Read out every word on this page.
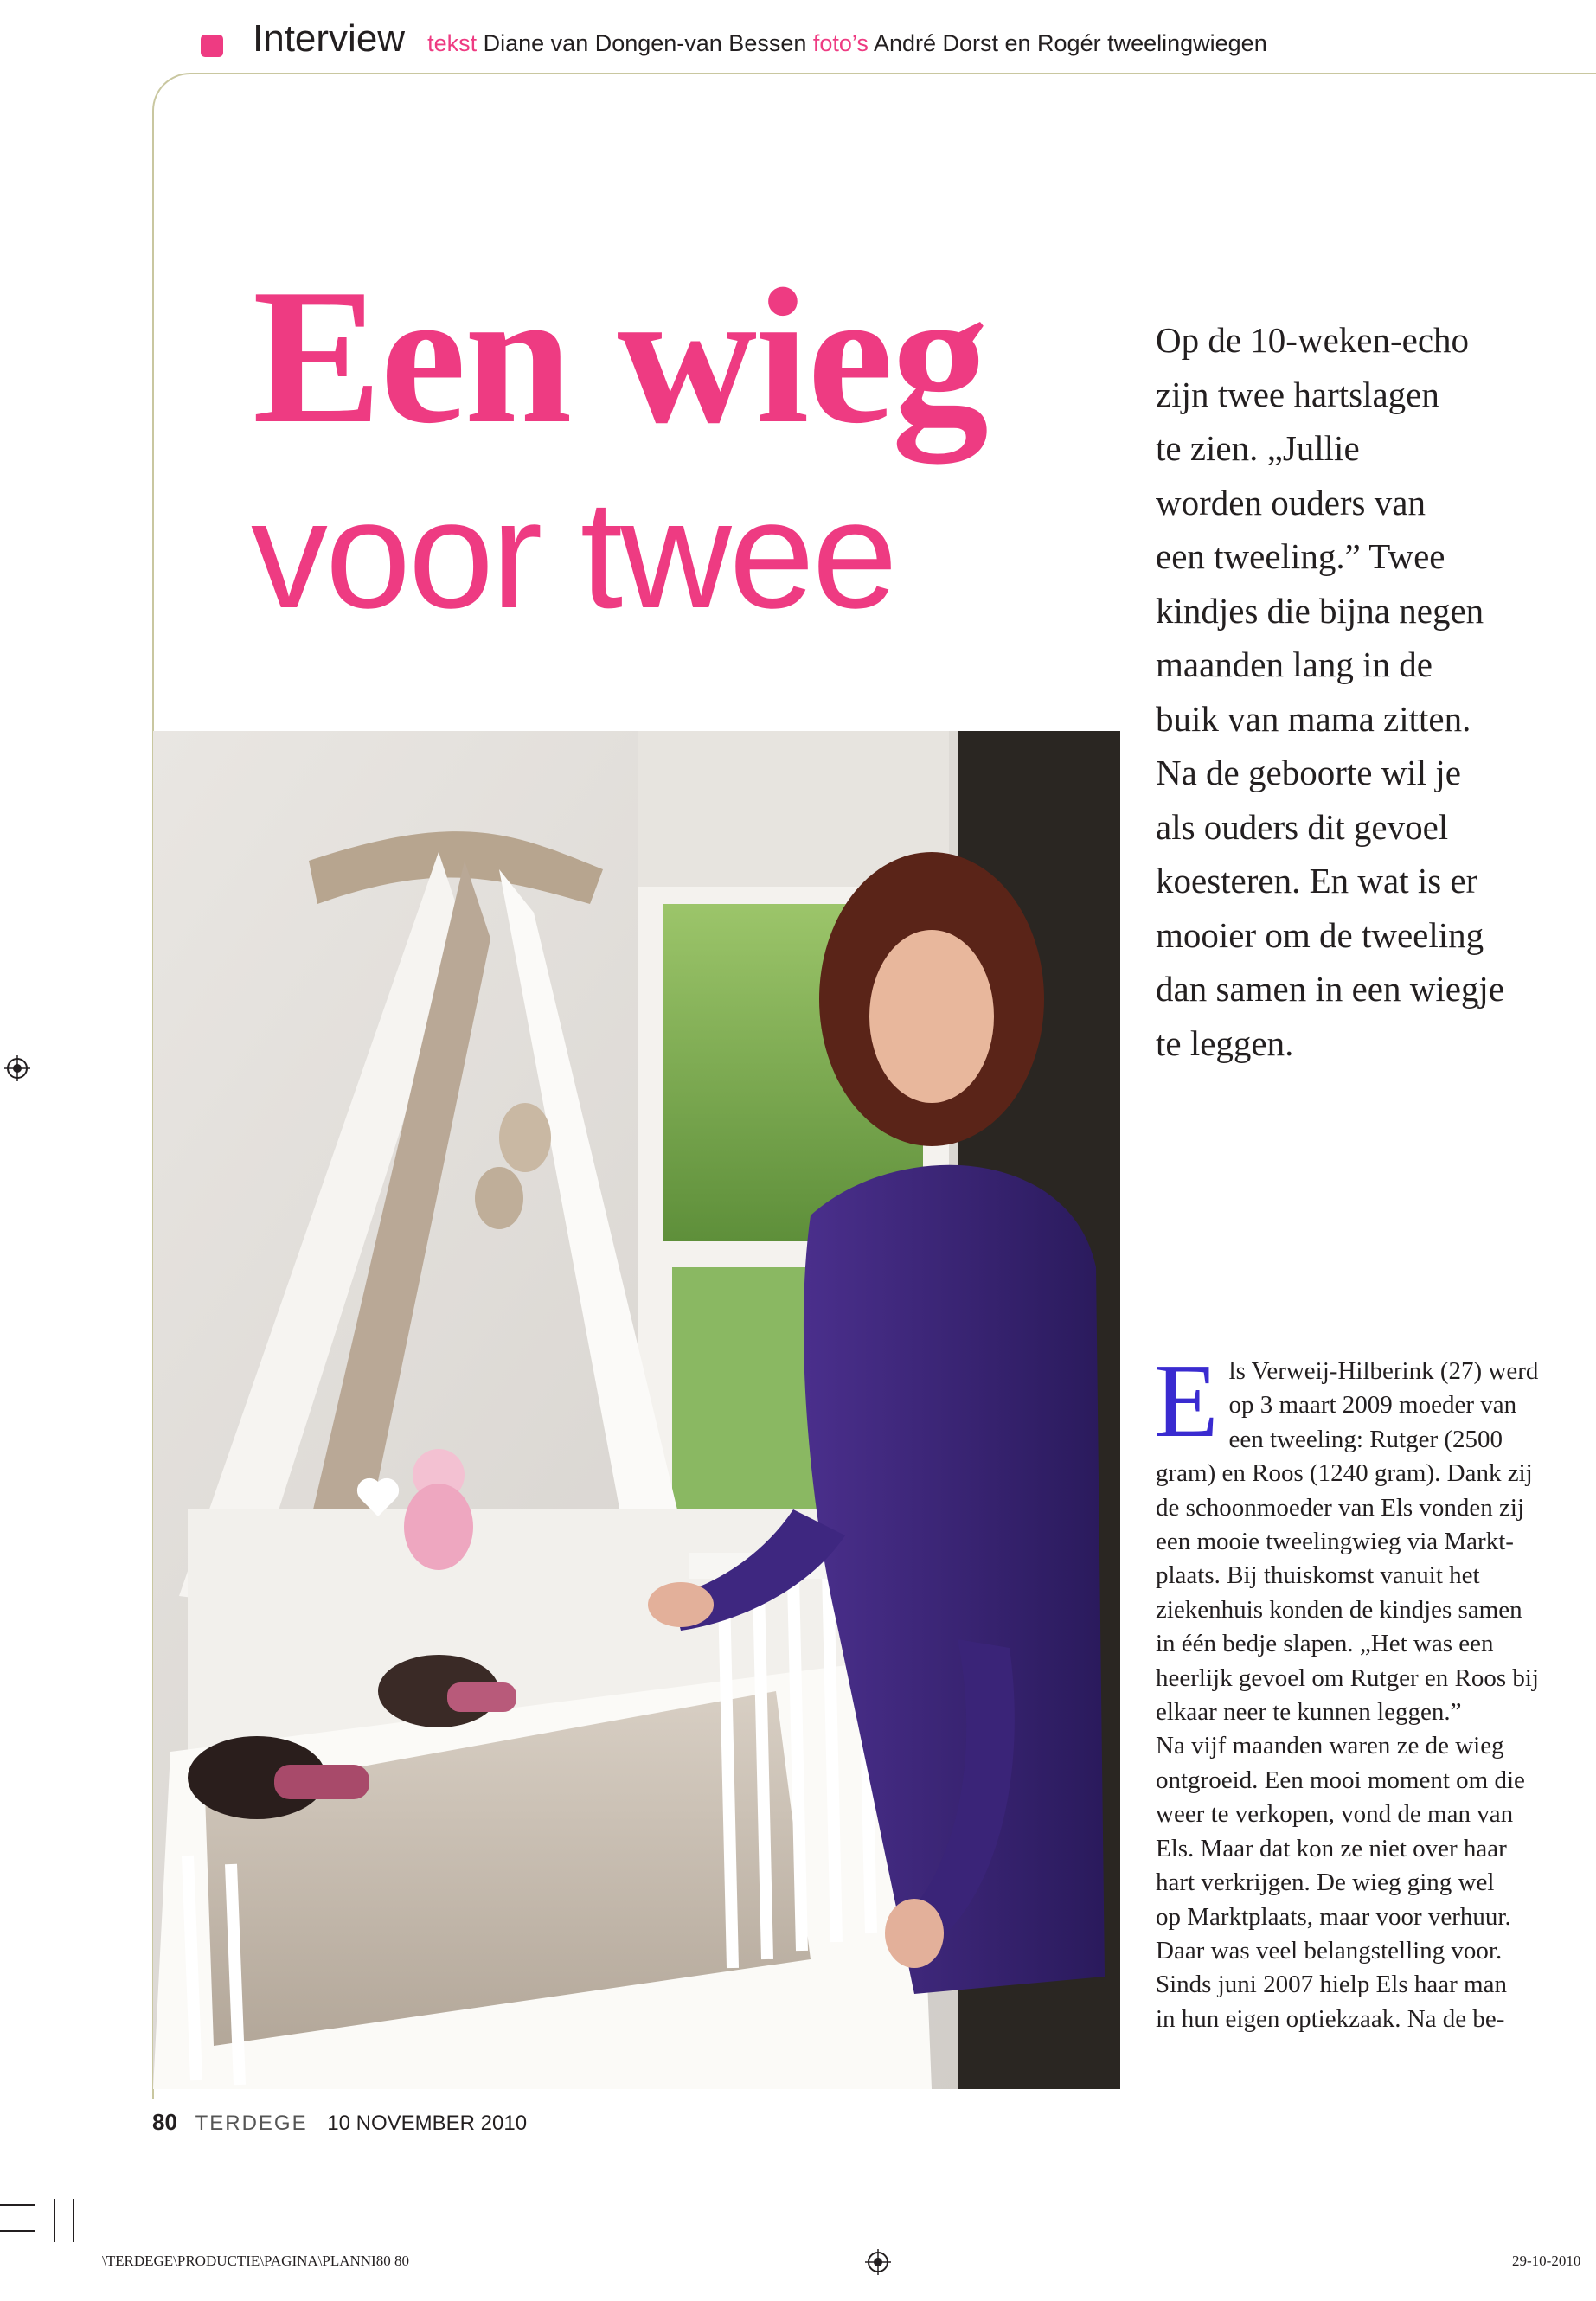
Interview tekst Diane van Dongen-van Bessen foto’s André Dorst en Rogér tweelingwiegen
Een wieg
voor twee
Op de 10-weken-echo
zijn twee hartslagen
te zien. „Jullie
worden ouders van
een tweeling.” Twee
kindjes die bijna negen
maanden lang in de
buik van mama zitten.
Na de geboorte wil je
als ouders dit gevoel
koesteren. En wat is er
mooier om de tweeling
dan samen in een wiegje
te leggen.
E ls Verweij-Hilberink (27) werd

op 3 maart 2009 moeder van

een tweeling: Rutger (2500

gram) en Roos (1240 gram). Dank zij

de schoonmoeder van Els vonden zij

een mooie tweelingwieg via Markt-

plaats. Bij thuiskomst vanuit het

ziekenhuis konden de kindjes samen

in één bedje slapen. „Het was een

heerlijk gevoel om Rutger en Roos bij

elkaar neer te kunnen leggen.”

Na vijf maanden waren ze de wieg

ontgroeid. Een mooi moment om die

weer te verkopen, vond de man van

Els. Maar dat kon ze niet over haar

hart verkrijgen. De wieg ging wel

op Marktplaats, maar voor verhuur.

Daar was veel belangstelling voor.

Sinds juni 2007 hielp Els haar man

in hun eigen optiekzaak. Na de be-

80 TERDEGE 10 NOVEMBER 2010
\TERDEGE\PRODUCTIE\PAGINA\PLANNI80 80	29-10-2010
